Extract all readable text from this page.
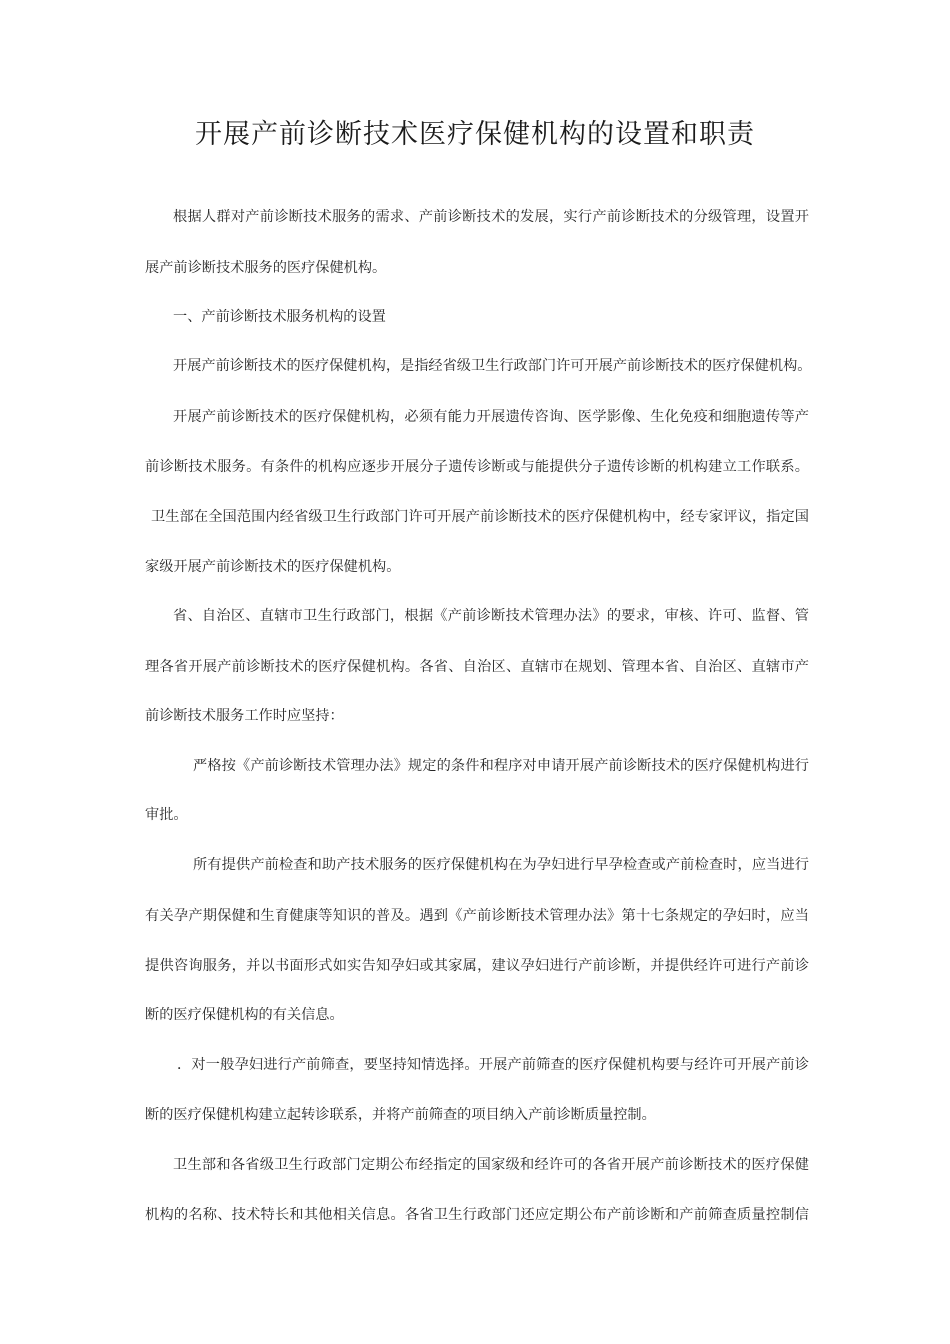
开展产前诊断技术医疗保健机构的设置和职责
根据人群对产前诊断技术服务的需求、产前诊断技术的发展，实行产前诊断技术的分级管理，设置开
展产前诊断技术服务的医疗保健机构。
一、产前诊断技术服务机构的设置
开展产前诊断技术的医疗保健机构，是指经省级卫生行政部门许可开展产前诊断技术的医疗保健机构。
开展产前诊断技术的医疗保健机构，必须有能力开展遗传咨询、医学影像、生化免疫和细胞遗传等产
前诊断技术服务。有条件的机构应逐步开展分子遗传诊断或与能提供分子遗传诊断的机构建立工作联系。
卫生部在全国范围内经省级卫生行政部门许可开展产前诊断技术的医疗保健机构中，经专家评议，指定国
家级开展产前诊断技术的医疗保健机构。
省、自治区、直辖市卫生行政部门，根据《产前诊断技术管理办法》的要求，审核、许可、监督、管
理各省开展产前诊断技术的医疗保健机构。各省、自治区、直辖市在规划、管理本省、自治区、直辖市产
前诊断技术服务工作时应坚持：
严格按《产前诊断技术管理办法》规定的条件和程序对申请开展产前诊断技术的医疗保健机构进行
审批。
所有提供产前检查和助产技术服务的医疗保健机构在为孕妇进行早孕检查或产前检查时，应当进行
有关孕产期保健和生育健康等知识的普及。遇到《产前诊断技术管理办法》第十七条规定的孕妇时，应当
提供咨询服务，并以书面形式如实告知孕妇或其家属，建议孕妇进行产前诊断，并提供经许可进行产前诊
断的医疗保健机构的有关信息。
．对一般孕妇进行产前筛查，要坚持知情选择。开展产前筛查的医疗保健机构要与经许可开展产前诊
断的医疗保健机构建立起转诊联系，并将产前筛查的项目纳入产前诊断质量控制。
卫生部和各省级卫生行政部门定期公布经指定的国家级和经许可的各省开展产前诊断技术的医疗保健
机构的名称、技术特长和其他相关信息。各省卫生行政部门还应定期公布产前诊断和产前筛查质量控制信
